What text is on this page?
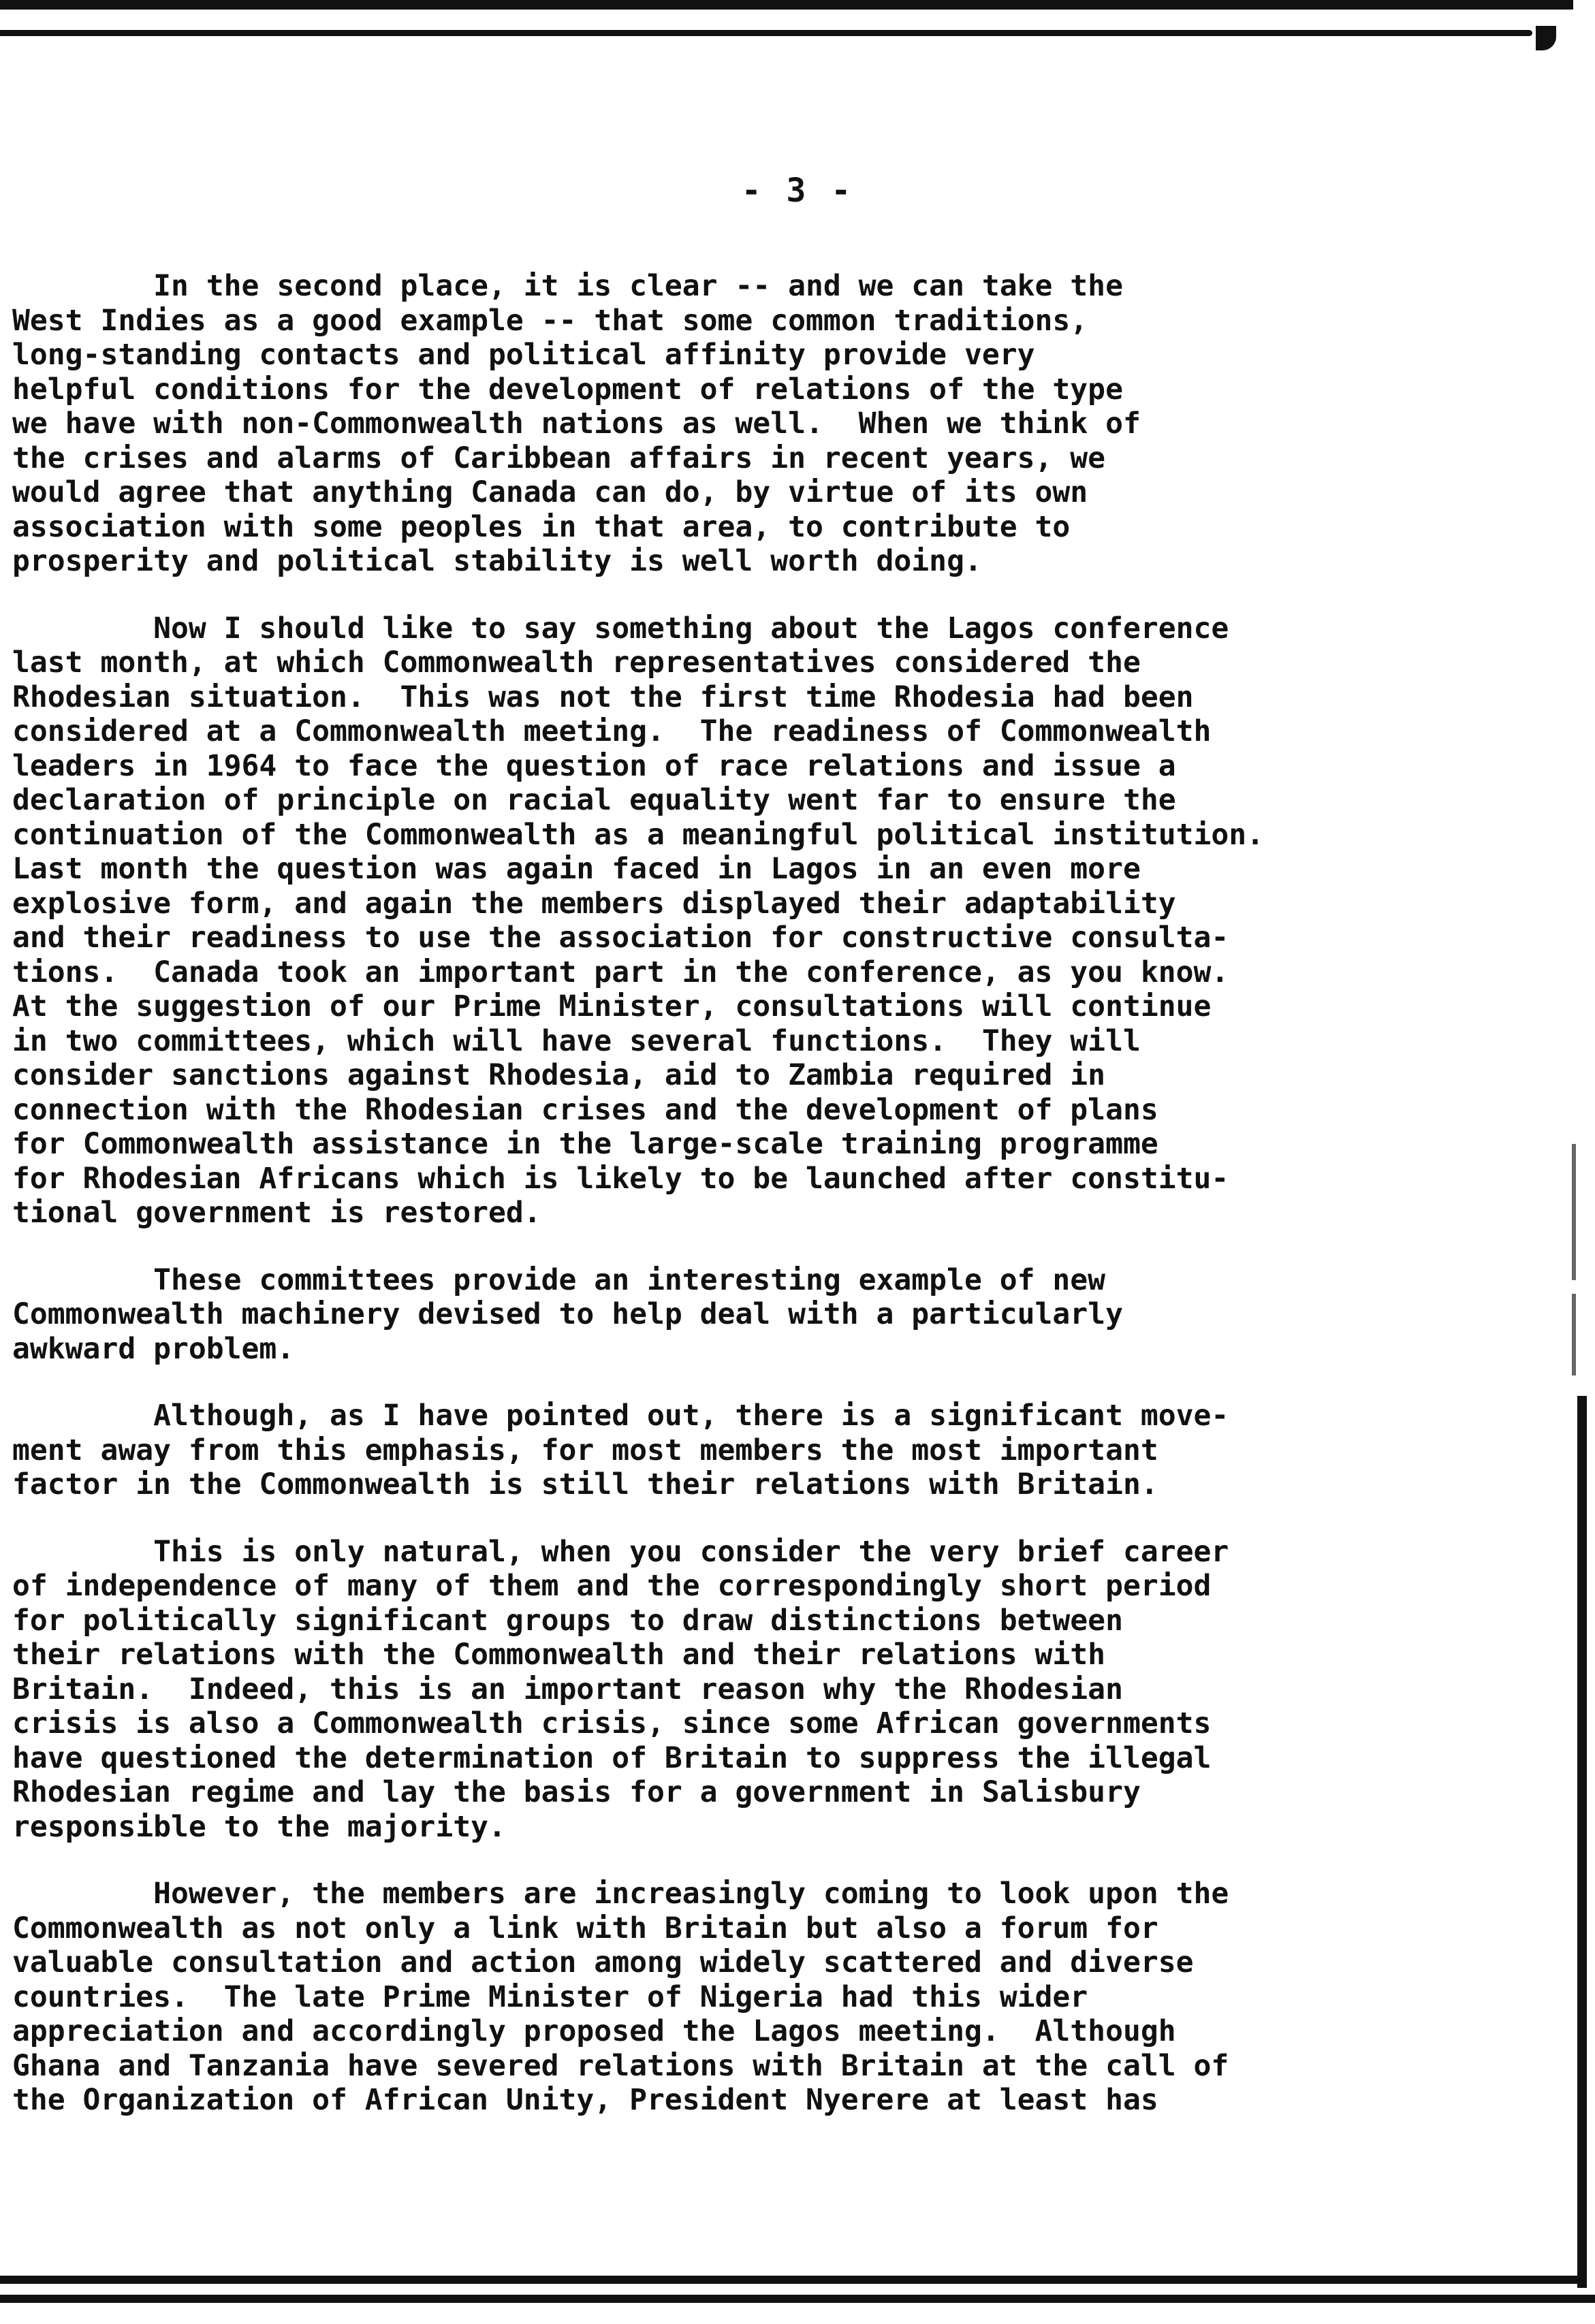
- 3 -
In the second place, it is clear -- and we can take the
West Indies as a good example -- that some common traditions,
long-standing contacts and political affinity provide very
helpful conditions for the development of relations of the type
we have with non-Commonwealth nations as well.  When we think of
the crises and alarms of Caribbean affairs in recent years, we
would agree that anything Canada can do, by virtue of its own
association with some peoples in that area, to contribute to
prosperity and political stability is well worth doing.
Now I should like to say something about the Lagos conference
last month, at which Commonwealth representatives considered the
Rhodesian situation.  This was not the first time Rhodesia had been
considered at a Commonwealth meeting.  The readiness of Commonwealth
leaders in 1964 to face the question of race relations and issue a
declaration of principle on racial equality went far to ensure the
continuation of the Commonwealth as a meaningful political institution.
Last month the question was again faced in Lagos in an even more
explosive form, and again the members displayed their adaptability
and their readiness to use the association for constructive consulta-
tions.  Canada took an important part in the conference, as you know.
At the suggestion of our Prime Minister, consultations will continue
in two committees, which will have several functions.  They will
consider sanctions against Rhodesia, aid to Zambia required in
connection with the Rhodesian crises and the development of plans
for Commonwealth assistance in the large-scale training programme
for Rhodesian Africans which is likely to be launched after constitu-
tional government is restored.
These committees provide an interesting example of new
Commonwealth machinery devised to help deal with a particularly
awkward problem.
Although, as I have pointed out, there is a significant move-
ment away from this emphasis, for most members the most important
factor in the Commonwealth is still their relations with Britain.
This is only natural, when you consider the very brief career
of independence of many of them and the correspondingly short period
for politically significant groups to draw distinctions between
their relations with the Commonwealth and their relations with
Britain.  Indeed, this is an important reason why the Rhodesian
crisis is also a Commonwealth crisis, since some African governments
have questioned the determination of Britain to suppress the illegal
Rhodesian regime and lay the basis for a government in Salisbury
responsible to the majority.
However, the members are increasingly coming to look upon the
Commonwealth as not only a link with Britain but also a forum for
valuable consultation and action among widely scattered and diverse
countries.  The late Prime Minister of Nigeria had this wider
appreciation and accordingly proposed the Lagos meeting.  Although
Ghana and Tanzania have severed relations with Britain at the call of
the Organization of African Unity, President Nyerere at least has
